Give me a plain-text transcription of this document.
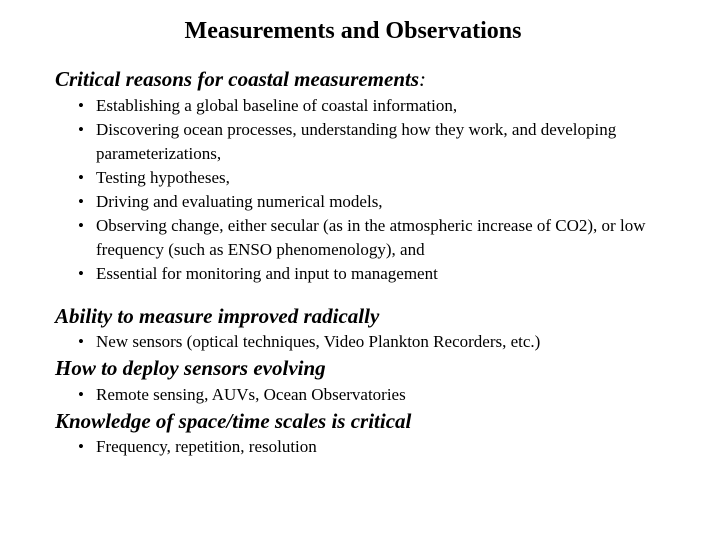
Measurements and Observations
Critical reasons for coastal measurements:
• Establishing a global baseline of coastal information,
• Discovering ocean processes, understanding how they work, and developing parameterizations,
• Testing hypotheses,
• Driving and evaluating numerical models,
• Observing change, either secular (as in the atmospheric increase of CO2), or low frequency (such as ENSO phenomenology), and
• Essential for monitoring and input to management
Ability to measure improved radically
• New sensors (optical techniques, Video Plankton Recorders, etc.)
How to deploy sensors evolving
• Remote sensing, AUVs, Ocean Observatories
Knowledge of space/time scales is critical
• Frequency, repetition, resolution
